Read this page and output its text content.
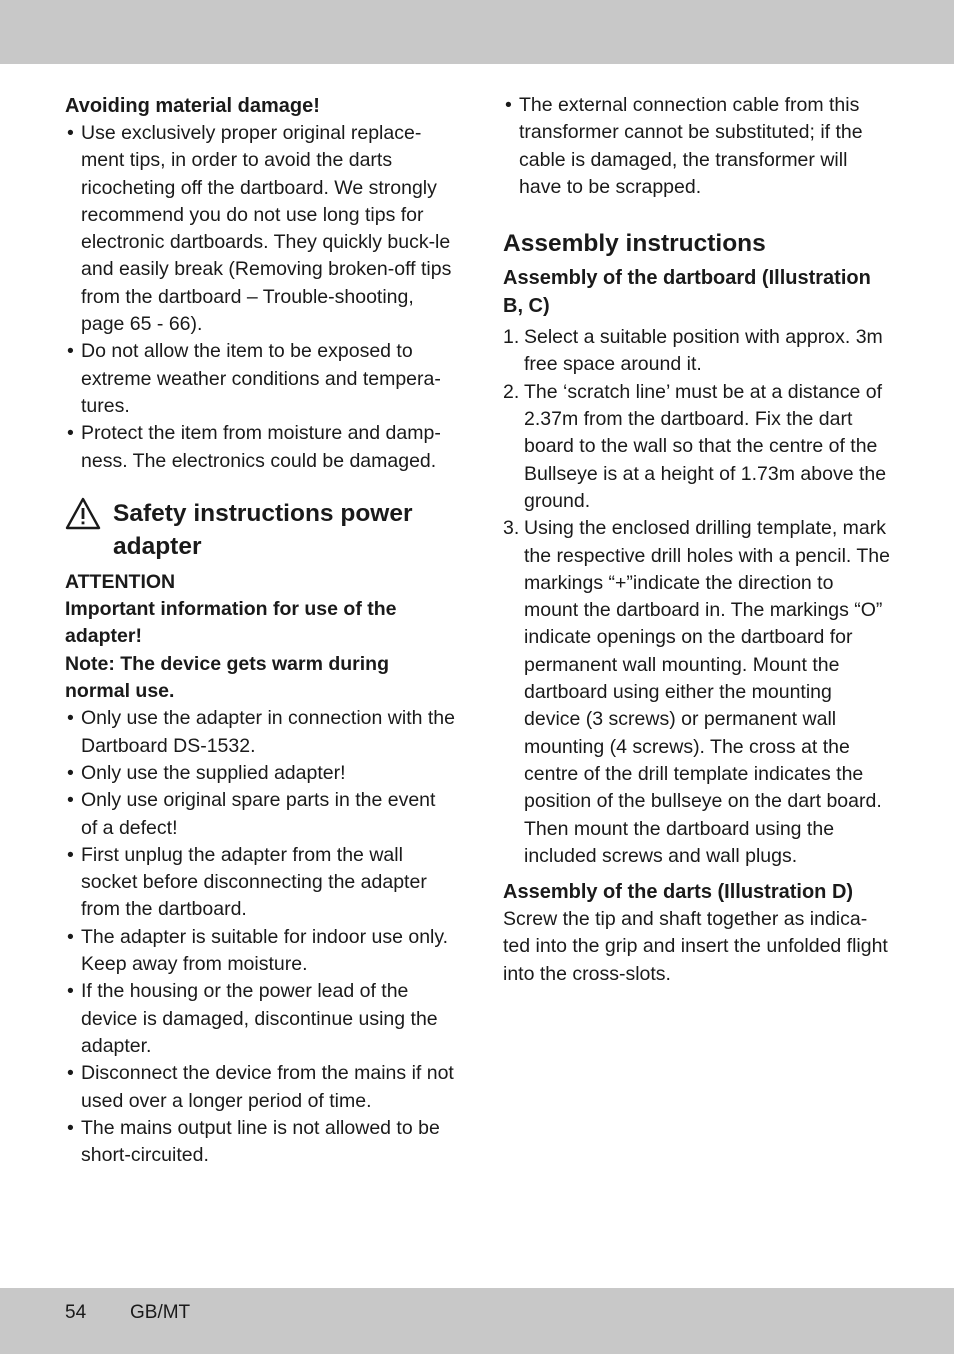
Avoiding material damage!
• Use exclusively proper original replace-ment tips, in order to avoid the darts ricocheting off the dartboard. We strongly recommend you do not use long tips for electronic dartboards. They quickly buck-le and easily break (Removing broken-off tips from the dartboard – Trouble-shooting, page 65 - 66).
• Do not allow the item to be exposed to extreme weather conditions and tempera-tures.
• Protect the item from moisture and damp-ness. The electronics could be damaged.
Safety instructions power adapter

ATTENTION

Important information for use of the adapter!

Note: The device gets warm during normal use.

• Only use the adapter in connection with the Dartboard DS-1532.
• Only use the supplied adapter!
• Only use original spare parts in the event of a defect!
• First unplug the adapter from the wall socket before disconnecting the adapter from the dartboard.
• The adapter is suitable for indoor use only. Keep away from moisture.
• If the housing or the power lead of the device is damaged, discontinue using the adapter.
• Disconnect the device from the mains if not used over a longer period of time.
• The mains output line is not allowed to be short-circuited.
• The external connection cable from this transformer cannot be substituted; if the cable is damaged, the transformer will have to be scrapped.
Assembly instructions
Assembly of the dartboard (Illustration B, C)
1. Select a suitable position with approx. 3m free space around it.
2. The ‘scratch line’ must be at a distance of 2.37m from the dartboard. Fix the dart board to the wall so that the centre of the Bullseye is at a height of 1.73m above the ground.
3. Using the enclosed drilling template, mark the respective drill holes with a pencil. The markings “+”indicate the direction to mount the dartboard in. The markings “O” indicate openings on the dartboard for permanent wall mounting. Mount the dartboard using either the mounting device (3 screws) or permanent wall mounting (4 screws). The cross at the centre of the drill template indicates the position of the bullseye on the dart board. Then mount the dartboard using the included screws and wall plugs.
Assembly of the darts (Illustration D)

Screw the tip and shaft together as indica-ted into the grip and insert the unfolded flight into the cross-slots.

54 GB/MT
